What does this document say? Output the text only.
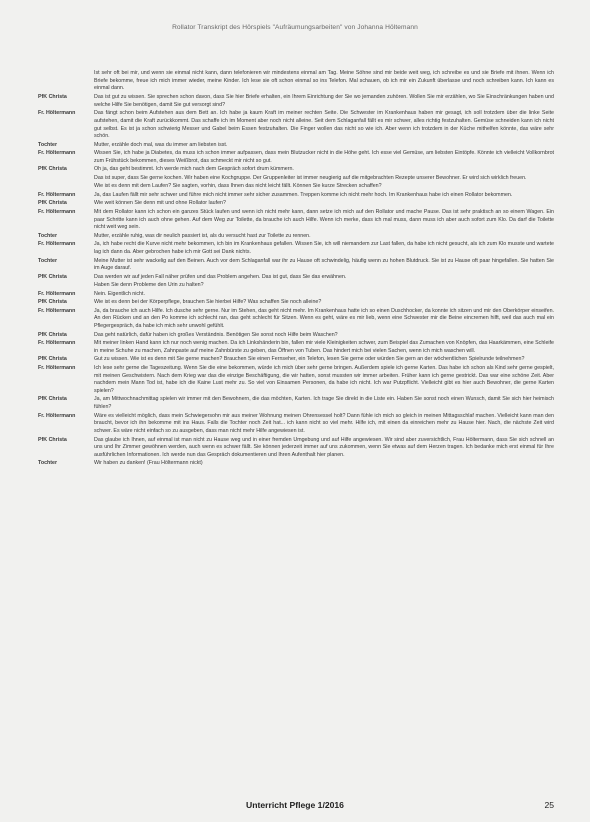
Rollator Transkript des Hörspiels "Aufräumungsarbeiten" von Johanna Höltemann
Ist sehr oft bei mir, und wenn sie einmal nicht kann, dann telefonieren wir mindestens einmal am Tag. Meine Söhne sind mir beide weit weg, ich schreibe es und sie Briefe mit ihnen. Wenn ich Briefe bekomme, freue ich mich immer wieder, meine Kinder. Ich lese sie oft schon einmal so ins Telefon. Mal schauen, ob ich mir ein Zukunft überlasse und noch schreiben kann. Ich kann es einmal dann.
PfK Christa	Das ist gut zu wissen. Sie sprechen schon davon, dass Sie hier Briefe erhalten, ein Ihrem Einrichtung der Sie wo jemanden zuhören. Wollen Sie mir erzählen, wo Sie Einschränkungen haben und welche Hilfe Sie benötigen, damit Sie gut versorgt sind?
Fr. Höltermann	Das fängt schon beim Aufstehen aus dem Bett an. Ich habe ja kaum Kraft im meiner rechten Seite. Die Schwester im Krankenhaus haben mir gesagt, ich soll trotzdem über die linke Seite aufstehen, damit die Kraft zurückkommt. Das schaffe ich im Moment aber noch nicht alleine. Seit dem Schlaganfall fällt es mir schwer, alles richtig festzuhalten. Gemüse schneiden kann ich nicht gut selbst. Es ist ja schon schwierig Messer und Gabel beim Essen festzuhalten. Die Finger wollen das nicht so wie ich. Aber wenn ich trotzdem in der Küche mithelfen könnte, das wäre sehr schön.
Tochter	Mutter, erzähle doch mal, was du immer am liebsten isst.
Fr. Höltermann	Wissen Sie, ich habe ja Diabetes, da muss ich schon immer aufpassen, dass mein Blutzucker nicht in die Höhe geht. Ich esse viel Gemüse, am liebsten Eintöpfe. Könnte ich vielleicht Vollkornbrot zum Frühstück bekommen, dieses Weißbrot, das schmeckt mir nicht so gut.
PfK Christa	Oh ja, das geht bestimmt. Ich werde mich nach dem Gespräch sofort drum kümmern.
Das ist super, dass Sie gerne kochen. Wir haben eine Kochgruppe. Der Gruppenleiter ist immer neugierig auf die mitgebrachten Rezepte unserer Bewohner. Er wird sich wirklich freuen.
Wie ist es denn mit dem Laufen? Sie sagten, vorhin, dass Ihnen das nicht leicht fällt. Können Sie kurze Strecken schaffen?
Fr. Höltermann	Ja, das Laufen fällt mir sehr schwer und führe mich nicht immer sehr sicher zusammen. Treppen komme ich nicht mehr hoch. Im Krankenhaus habe ich einen Rollator bekommen.
PfK Christa	Wie weit können Sie denn mit und ohne Rollator laufen?
Fr. Höltermann	Mit dem Rollator kann ich schon ein ganzes Stück laufen und wenn ich nicht mehr kann, dann setze ich mich auf den Rollator und mache Pause. Das ist sehr praktisch an so einem Wagen. Ein paar Schritte kann ich auch ohne gehen. Auf dem Weg zur Toilette, da brauche ich auch Hilfe. Wenn ich merke, dass ich mal muss, dann muss ich aber auch sofort zum Klo. Da darf die Toilette nicht weit weg sein.
Tochter	Mutter, erzähle ruhig, was dir neulich passiert ist, als du versucht hast zur Toilette zu rennen.
Fr. Höltermann	Ja, ich habe recht die Kurve nicht mehr bekommen, ich bin im Krankenhaus gefallen. Wissen Sie, ich will niemandem zur Last fallen, da habe ich nicht gesucht, als ich zum Klo musste und wartete lag ich dann da. Aber gebrochen habe ich mir Gott sei Dank nichts.
Tochter	Meine Mutter ist sehr wackelig auf den Beinen. Auch vor dem Schlaganfall war ihr zu Hause oft schwindelig, häufig wenn zu hohen Blutdruck. Sie ist zu Hause oft paar hingefallen. Sie hatten Sie im Auge darauf.
PfK Christa	Das werden wir auf jeden Fall näher prüfen und das Problem angehen. Das ist gut, dass Sie das erwähnen.
Haben Sie denn Probleme den Urin zu halten?
Fr. Höltermann	Nein. Eigentlich nicht.
PfK Christa	Wie ist es denn bei der Körperpflege, brauchen Sie hierbei Hilfe? Was schaffen Sie noch alleine?
Fr. Höltermann	Ja, da brauche ich auch Hilfe. Ich dusche sehr gerne. Nur im Stehen, das geht nicht mehr. Im Krankenhaus hatte ich so einen Duschhocker, da konnte ich sitzen und mir den Oberkörper einseifen. An den Rücken und an den Po komme ich schlecht ran, das geht schlecht für Sitzen. Wenn es geht, wäre es mir lieb, wenn eine Schwester mir die Beine eincremen hilft, weil das auch mal ein Pflegergespräch, da habe ich mich sehr unwohl gefühlt.
PfK Christa	Das geht natürlich, dafür haben ich großes Verständnis. Benötigen Sie sonst noch Hilfe beim Waschen?
Fr. Höltermann	Mit meiner linken Hand kann ich nur noch wenig machen. Da ich Linkshänderin bin, fallen mir viele Kleinigkeiten schwer, zum Beispiel das Zumachen von Knöpfen, das Haarkämmen, eine Schleife in meine Schuhe zu machen, Zahnpaste auf meine Zahnbürste zu geben, das Öffnen von Tuben. Das hindert mich bei vielen Sachen, wenn ich mich waschen will.
PfK Christa	Gut zu wissen. Wie ist es denn mit Sie gerne machen? Brauchen Sie einen Fernseher, ein Telefon, lesen Sie gerne oder würden Sie gern an der wöchentlichen Spielrunde teilnehmen?
Fr. Höltermann	Ich lese sehr gerne die Tageszeitung. Wenn Sie die eine bekommen, würde ich mich über sehr gerne bringen. Außerdem spiele ich gerne Karten. Das habe ich schon als Kind sehr gerne gespielt, mit meinen Geschwistern. Nach dem Krieg war das die einzige Beschäftigung, die wir hatten, sonst mussten wir immer arbeiten. Früher kann ich gerne gestrickt. Das war eine schöne Zeit. Aber nachdem mein Mann Tod ist, habe ich die Kaine Lust mehr zu. So viel von Einsamen Personen, da habe ich nicht. Ich war Putzpflicht. Vielleicht gibt es hier auch Bewohner, die gerne Karten spielen?
PfK Christa	Ja, am Mittwochnachmittag spielen wir immer mit den Bewohnern, die das möchten, Karten. Ich trage Sie direkt in die Liste ein. Haben Sie sonst noch einen Wunsch, damit Sie sich hier heimisch fühlen?
Fr. Höltermann	Wäre es vielleicht möglich, dass mein Schwiegersohn mir aus meiner Wohnung meinen Ohrensessel holt? Dann fühle ich mich so gleich in meinen Mittagsschlaf machen. Vielleicht kann man den braucht, bevor ich ihn bekomme mit ins Haus. Falls die Tochter noch Zeit hat... ich kann nicht so viel mehr. Hilfe ich, mit einen da einreichen mehr zu Hause hier. Nach, die nächste Zeit wird schwer. Es wäre nicht einfach so zu ausgeben, dass man nicht mehr Hilfe angewiesen ist.
PfK Christa	Das glaube ich Ihnen, auf einmal ist man nicht zu Hause weg und in einer fremden Umgebung und auf Hilfe angewiesen. Wir sind aber zuversichtlich, Frau Höltermann, dass Sie sich schnell an uns und Ihr Zimmer gewöhnen werden, auch wenn es schwer fällt. Sie können jederzeit immer auf uns zukommen, wenn Sie etwas auf dem Herzen tragen. Ich bedanke mich erst einmal für Ihre ausführlichen Informationen. Ich werde nun das Gespräch dokumentieren und Ihren Aufenthalt hier planen.
Tochter	Wir haben zu danken! (Frau Höltermann nickt)
Unterricht Pflege 1/2016	25
